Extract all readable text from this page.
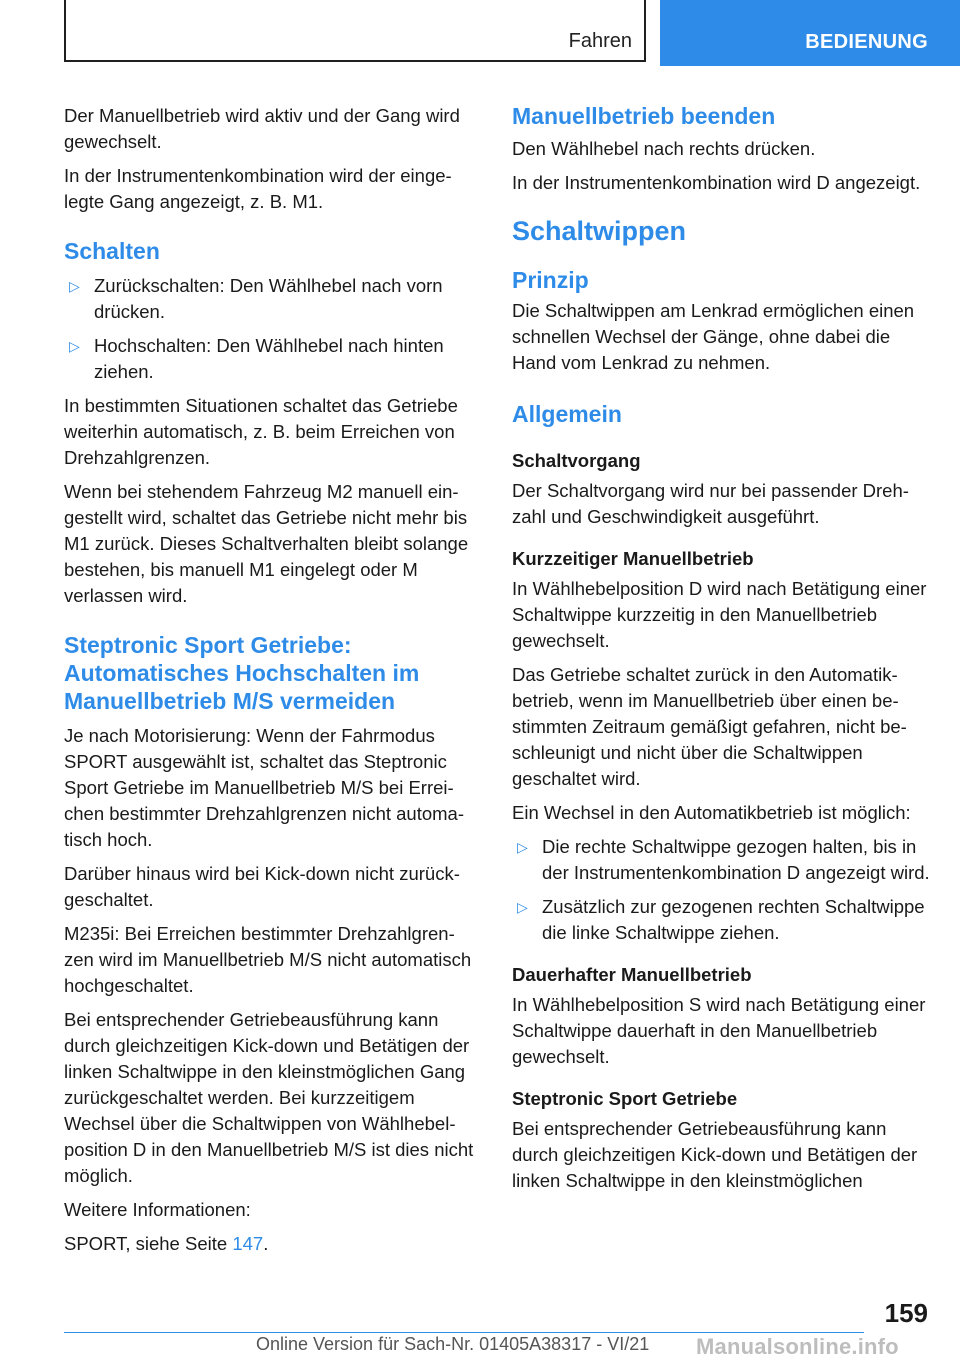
Fahren	BEDIENUNG

Der Manuellbetrieb wird aktiv und der Gang wird gewechselt.

In der Instrumentenkombination wird der eingelegte Gang angezeigt, z. B. M1.

Schalten
▷ Zurückschalten: Den Wählhebel nach vorn drücken.
▷ Hochschalten: Den Wählhebel nach hinten ziehen.

In bestimmten Situationen schaltet das Getriebe weiterhin automatisch, z. B. beim Erreichen von Drehzahlgrenzen.

Wenn bei stehendem Fahrzeug M2 manuell eingestellt wird, schaltet das Getriebe nicht mehr bis M1 zurück. Dieses Schaltverhalten bleibt solange bestehen, bis manuell M1 eingelegt oder M verlassen wird.

Steptronic Sport Getriebe: Automatisches Hochschalten im Manuellbetrieb M/S vermeiden

Je nach Motorisierung: Wenn der Fahrmodus SPORT ausgewählt ist, schaltet das Steptronic Sport Getriebe im Manuellbetrieb M/S bei Erreichen bestimmter Drehzahlgrenzen nicht automatisch hoch.

Darüber hinaus wird bei Kick-down nicht zurückgeschaltet.

M235i: Bei Erreichen bestimmter Drehzahlgrenzen wird im Manuellbetrieb M/S nicht automatisch hochgeschaltet.

Bei entsprechender Getriebeausführung kann durch gleichzeitigen Kick-down und Betätigen der linken Schaltwippe in den kleinstmöglichen Gang zurückgeschaltet werden. Bei kurzzeitigem Wechsel über die Schaltwippen von Wählhebelposition D in den Manuellbetrieb M/S ist dies nicht möglich.

Weitere Informationen:

SPORT, siehe Seite 147.

Manuellbetrieb beenden

Den Wählhebel nach rechts drücken.

In der Instrumentenkombination wird D angezeigt.

Schaltwippen
Prinzip

Die Schaltwippen am Lenkrad ermöglichen einen schnellen Wechsel der Gänge, ohne dabei die Hand vom Lenkrad zu nehmen.

Allgemein
Schaltvorgang

Der Schaltvorgang wird nur bei passender Drehzahl und Geschwindigkeit ausgeführt.

Kurzzeitiger Manuellbetrieb

In Wählhebelposition D wird nach Betätigung einer Schaltwippe kurzzeitig in den Manuellbetrieb gewechselt.

Das Getriebe schaltet zurück in den Automatikbetrieb, wenn im Manuellbetrieb über einen bestimmten Zeitraum gemäßigt gefahren, nicht beschleunigt und nicht über die Schaltwippen geschaltet wird.

Ein Wechsel in den Automatikbetrieb ist möglich:

▷ Die rechte Schaltwippe gezogen halten, bis in der Instrumentenkombination D angezeigt wird.
▷ Zusätzlich zur gezogenen rechten Schaltwippe die linke Schaltwippe ziehen.
Dauerhafter Manuellbetrieb

In Wählhebelposition S wird nach Betätigung einer Schaltwippe dauerhaft in den Manuellbetrieb gewechselt.

Steptronic Sport Getriebe

Bei entsprechender Getriebeausführung kann durch gleichzeitigen Kick-down und Betätigen der linken Schaltwippe in den kleinstmöglichen

159
Online Version für Sach-Nr. 01405A38317 - VI/21 Manualsonline.info
